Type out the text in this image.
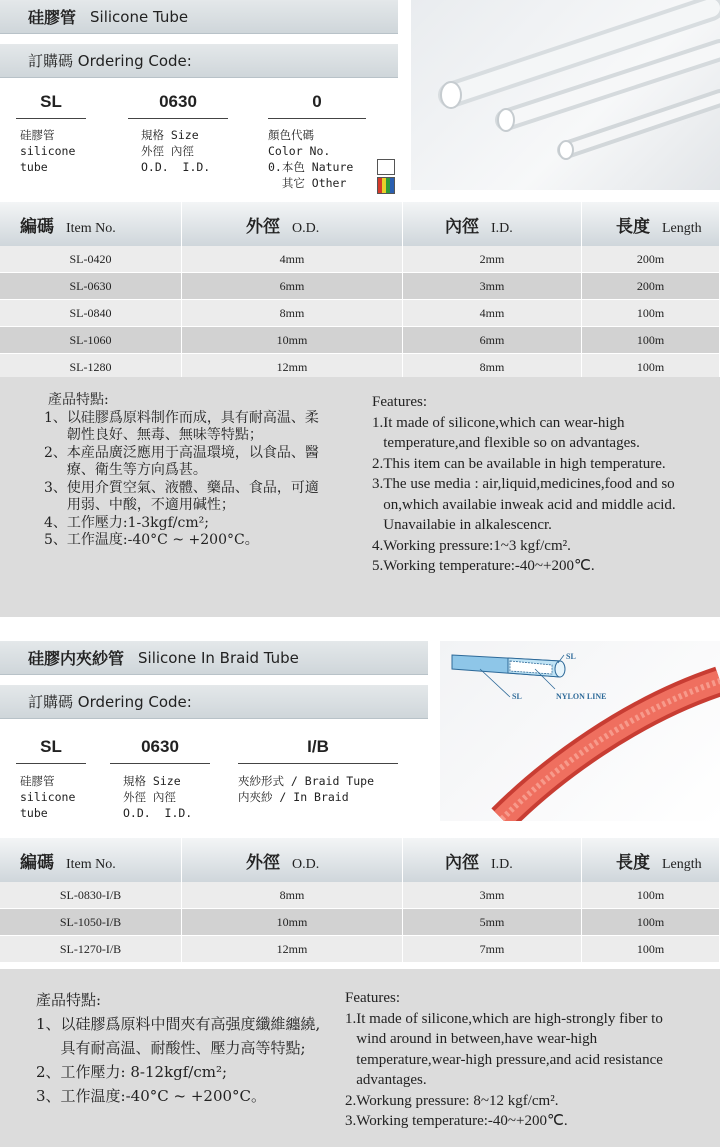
硅膠管 Silicone Tube
訂購碼 Ordering Code:
SL	0630	0
硅膠管
silicone
tube
規格 Size
外徑 內徑
O.D.  I.D.
顏色代碼
Color No.
0.本色 Nature
其它 Other
編碼 Item No.	外徑 O.D.	內徑 I.D.	長度 Length
SL-0420	4mm	2mm	200m
SL-0630	6mm	3mm	200m
SL-0840	8mm	4mm	100m
SL-1060	10mm	6mm	100m
SL-1280	12mm	8mm	100m
產品特點:
1、 以硅膠爲原料制作而成，具有耐高温、柔韌性良好、無毒、無味等特點；
2、 本産品廣泛應用于高温環境，以食品、醫療、衛生等方向爲甚。
3、 使用介質空氣、液體、藥品、食品，可適用弱、中酸，不適用碱性；
4、 工作壓力:1-3kgf/cm²;
5、 工作温度:-40°C ~ +200°C。
Features:
1. It made of silicone,which can wear-high temperature,and flexible so on advantages.
2. This item can be available in high temperature.
3. The use media : air,liquid,medicines,food and so on,which availabie inweak acid and middle acid. Unavailabie in alkalescencr.
4. Working pressure:1~3 kgf/cm².
5. Working temperature:-40~+200℃.
硅膠内夾紗管 Silicone In Braid Tube
訂購碼 Ordering Code:
SL
SL	NYLON LINE
SL	0630	I/B
硅膠管
silicone
tube
規格 Size
外徑 內徑
O.D.  I.D.
夾紗形式 / Braid Tupe
内夾紗 / In Braid
編碼 Item No.	外徑 O.D.	內徑 I.D.	長度 Length
SL-0830-I/B	8mm	3mm	100m
SL-1050-I/B	10mm	5mm	100m
SL-1270-I/B	12mm	7mm	100m
產品特點:
1、 以硅膠爲原料中間夾有高强度纖維纏繞,具有耐高温、耐酸性、壓力高等特點;
2、 工作壓力: 8-12kgf/cm²;
3、 工作温度:-40°C ~ +200°C。
Features:
1. It made of silicone,which are high-strongly fiber to wind around in between,have wear-high temperature,wear-high pressure,and acid resistance advantages.
2. Workung pressure: 8~12 kgf/cm².
3. Working temperature:-40~+200℃.
